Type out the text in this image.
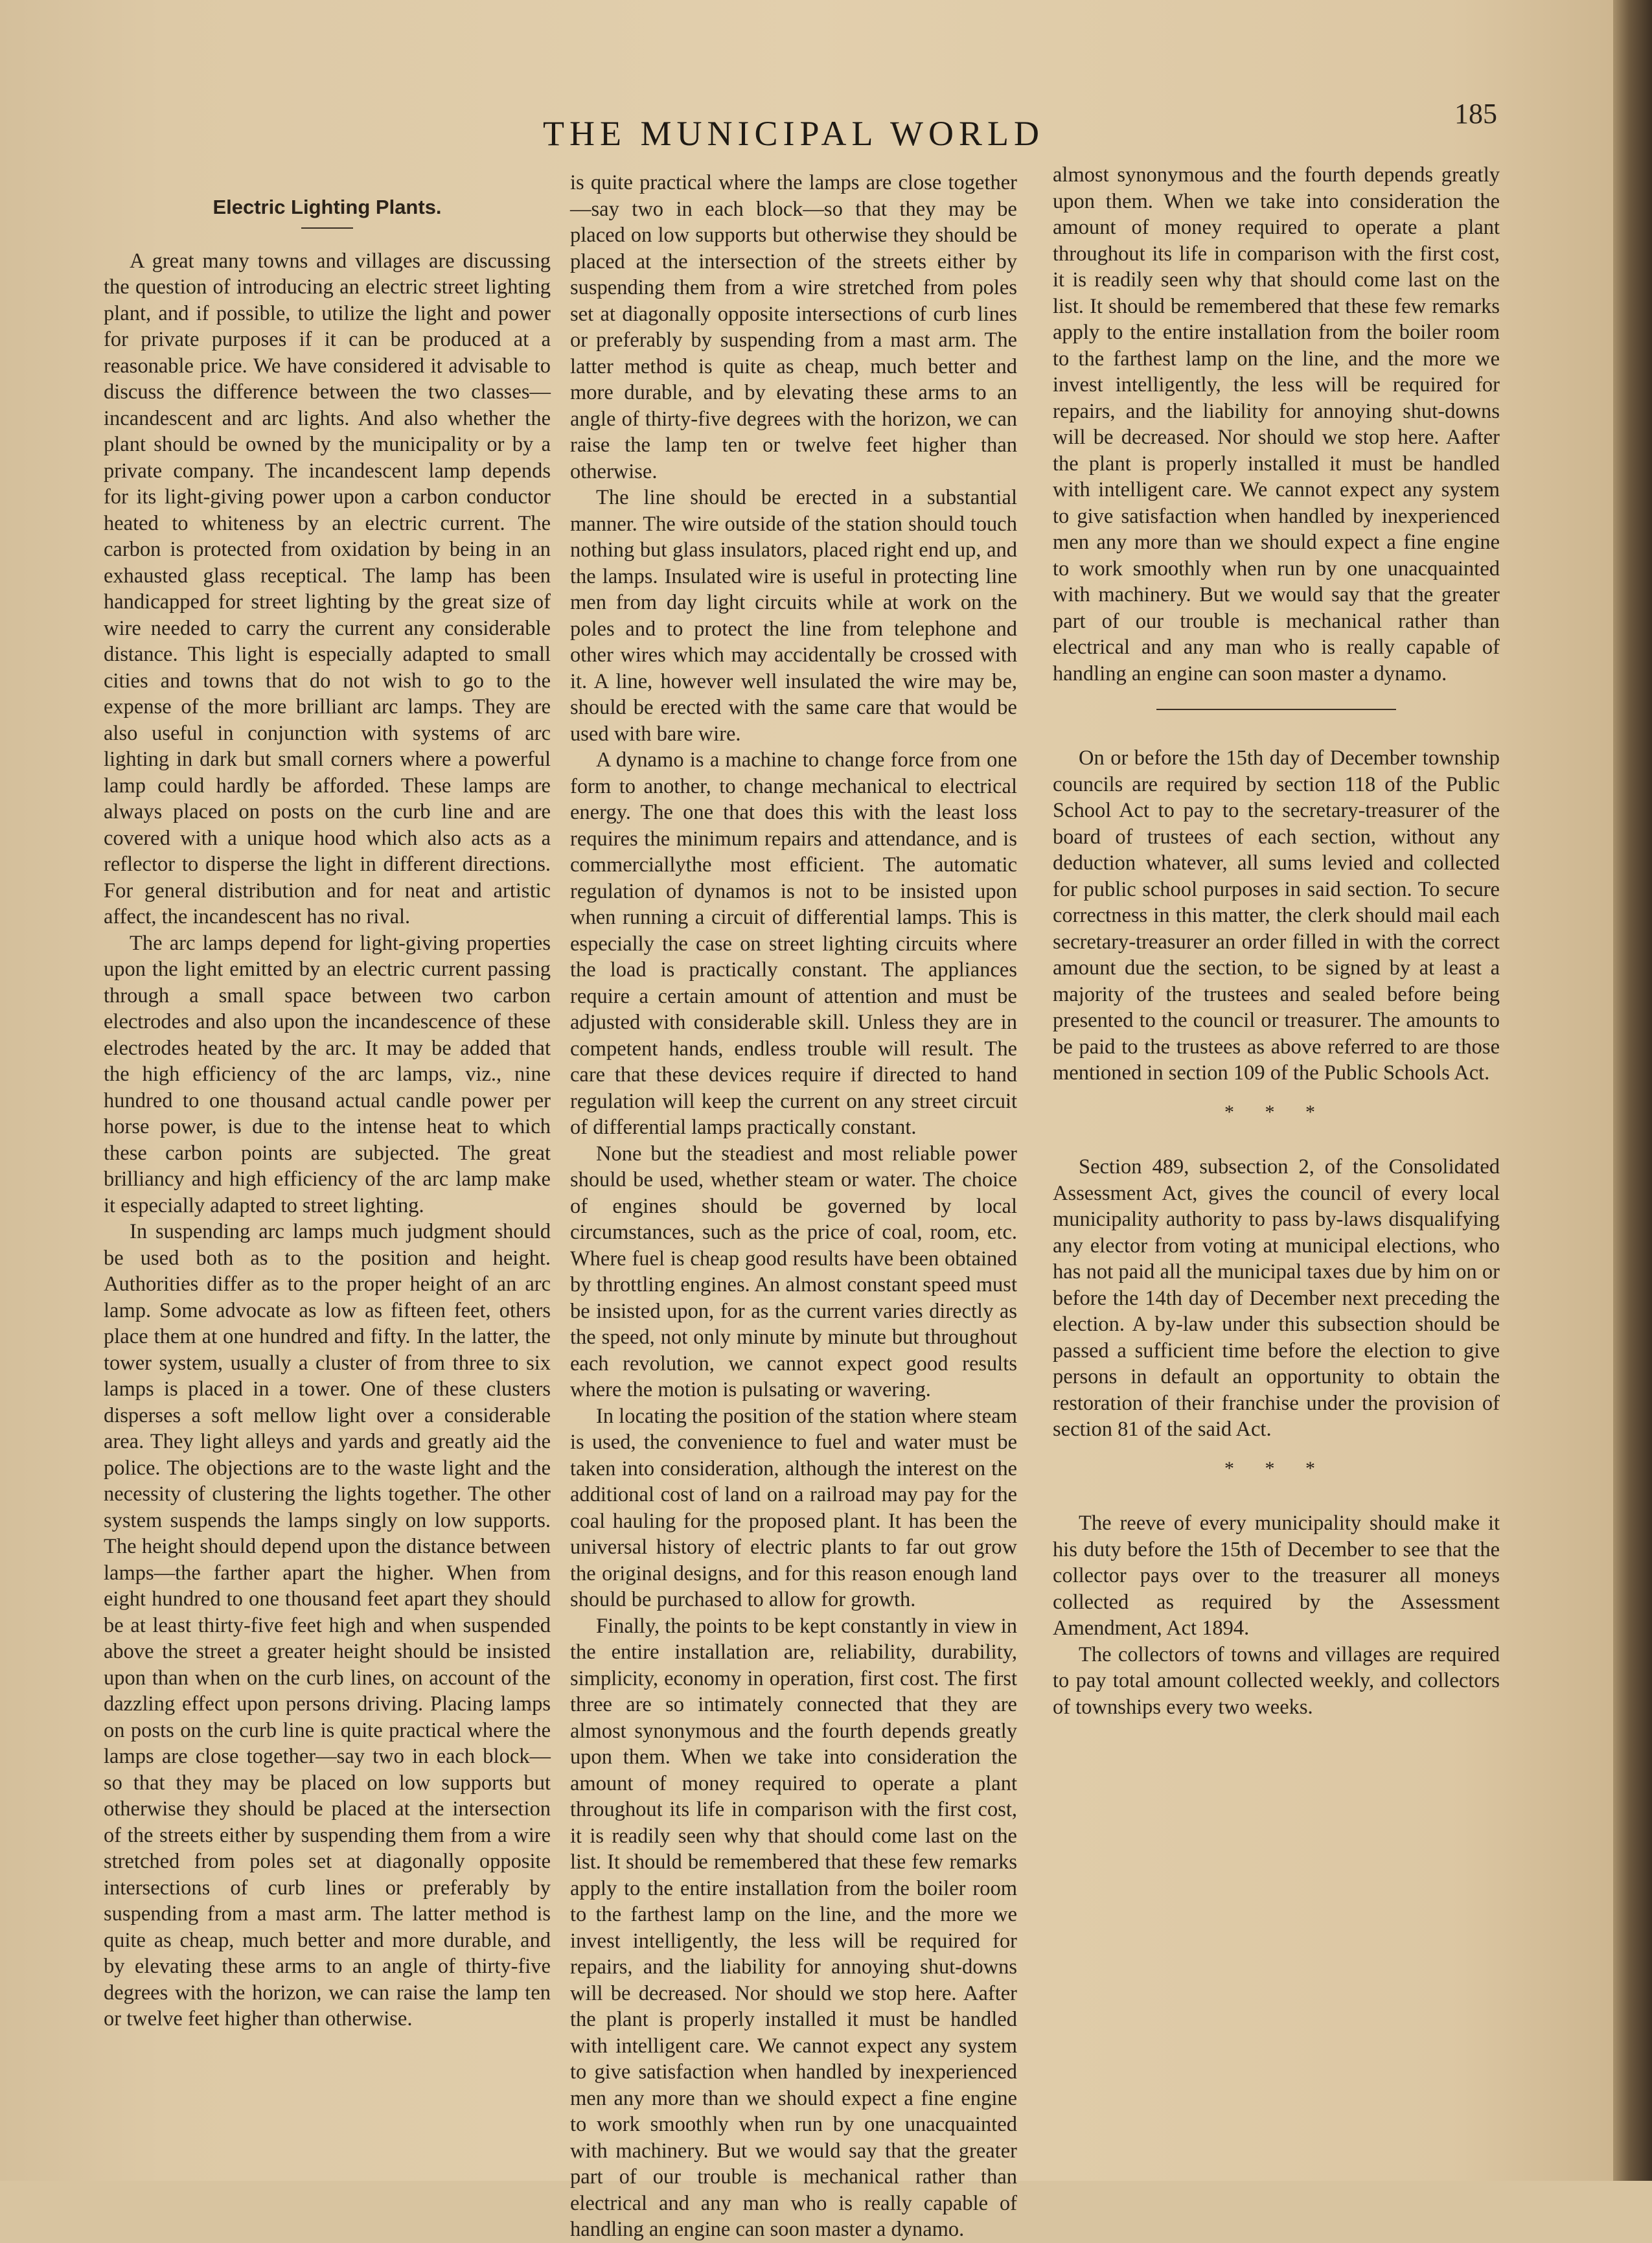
THE MUNICIPAL WORLD
185
Electric Lighting Plants.

A great many towns and villages are discussing the question of introducing an electric street lighting plant, and if possible, to utilize the light and power for private purposes if it can be produced at a reasonable price. We have considered it advisable to discuss the difference between the two classes—incandescent and arc lights. And also whether the plant should be owned by the municipality or by a private company. The incandescent lamp depends for its light-giving power upon a carbon conductor heated to whiteness by an electric current. The carbon is protected from oxidation by being in an exhausted glass receptical. The lamp has been handicapped for street lighting by the great size of wire needed to carry the current any considerable distance. This light is especially adapted to small cities and towns that do not wish to go to the expense of the more brilliant arc lamps. They are also useful in conjunction with systems of arc lighting in dark but small corners where a powerful lamp could hardly be afforded. These lamps are always placed on posts on the curb line and are covered with a unique hood which also acts as a reflector to disperse the light in different directions. For general distribution and for neat and artistic affect, the incandescent has no rival.

The arc lamps depend for light-giving properties upon the light emitted by an electric current passing through a small space between two carbon electrodes and also upon the incandescence of these electrodes heated by the arc. It may be added that the high efficiency of the arc lamps, viz., nine hundred to one thousand actual candle power per horse power, is due to the intense heat to which these carbon points are subjected. The great brilliancy and high efficiency of the arc lamp make it especially adapted to street lighting.

In suspending arc lamps much judgment should be used both as to the position and height. Authorities differ as to the proper height of an arc lamp. Some advocate as low as fifteen feet, others place them at one hundred and fifty. In the latter, the tower system, usually a cluster of from three to six lamps is placed in a tower. One of these clusters disperses a soft mellow light over a considerable area. They light alleys and yards and greatly aid the police. The objections are to the waste light and the necessity of clustering the lights together. The other system suspends the lamps singly on low supports. The height should depend upon the distance between lamps—the farther apart the higher. When from eight hundred to one thousand feet apart they should be at least thirty-five feet high and when suspended above the street a greater height should be insisted upon than when on the curb lines, on account of the dazzling effect upon persons driving. Placing lamps on posts on the curb line is quite practical where the lamps are close together—say two in each block—so that they may be placed on low supports but otherwise they should be placed at the intersection of the streets either by suspending them from a wire stretched from poles set at diagonally opposite intersections of curb lines or preferably by suspending from a mast arm. The latter method is quite as cheap, much better and more durable, and by elevating these arms to an angle of thirty-five degrees with the horizon, we can raise the lamp ten or twelve feet higher than otherwise.

is quite practical where the lamps are close together—say two in each block—so that they may be placed on low supports but otherwise they should be placed at the intersection of the streets either by suspending them from a wire stretched from poles set at diagonally opposite intersections of curb lines or preferably by suspending from a mast arm. The latter method is quite as cheap, much better and more durable, and by elevating these arms to an angle of thirty-five degrees with the horizon, we can raise the lamp ten or twelve feet higher than otherwise.

The line should be erected in a substantial manner. The wire outside of the station should touch nothing but glass insulators, placed right end up, and the lamps. Insulated wire is useful in protecting line men from day light circuits while at work on the poles and to protect the line from telephone and other wires which may accidentally be crossed with it. A line, however well insulated the wire may be, should be erected with the same care that would be used with bare wire.

A dynamo is a machine to change force from one form to another, to change mechanical to electrical energy. The one that does this with the least loss requires the minimum repairs and attendance, and is commerciallythe most efficient. The automatic regulation of dynamos is not to be insisted upon when running a circuit of differential lamps. This is especially the case on street lighting circuits where the load is practically constant. The appliances require a certain amount of attention and must be adjusted with considerable skill. Unless they are in competent hands, endless trouble will result. The care that these devices require if directed to hand regulation will keep the current on any street circuit of differential lamps practically constant.

None but the steadiest and most reliable power should be used, whether steam or water. The choice of engines should be governed by local circumstances, such as the price of coal, room, etc. Where fuel is cheap good results have been obtained by throttling engines. An almost constant speed must be insisted upon, for as the current varies directly as the speed, not only minute by minute but throughout each revolution, we cannot expect good results where the motion is pulsating or wavering.

In locating the position of the station where steam is used, the convenience to fuel and water must be taken into consideration, although the interest on the additional cost of land on a railroad may pay for the coal hauling for the proposed plant. It has been the universal history of electric plants to far out grow the original designs, and for this reason enough land should be purchased to allow for growth.

Finally, the points to be kept constantly in view in the entire installation are, reliability, durability, simplicity, economy in operation, first cost. The first three are so intimately connected that they are almost synonymous and the fourth depends greatly upon them. When we take into consideration the amount of money required to operate a plant throughout its life in comparison with the first cost, it is readily seen why that should come last on the list. It should be remembered that these few remarks apply to the entire installation from the boiler room to the farthest lamp on the line, and the more we invest intelligently, the less will be required for repairs, and the liability for annoying shut-downs will be decreased. Nor should we stop here. Aafter the plant is properly installed it must be handled with intelligent care. We cannot expect any system to give satisfaction when handled by inexperienced men any more than we should expect a fine engine to work smoothly when run by one unacquainted with machinery. But we would say that the greater part of our trouble is mechanical rather than electrical and any man who is really capable of handling an engine can soon master a dynamo.

almost synonymous and the fourth depends greatly upon them. When we take into consideration the amount of money required to operate a plant throughout its life in comparison with the first cost, it is readily seen why that should come last on the list. It should be remembered that these few remarks apply to the entire installation from the boiler room to the farthest lamp on the line, and the more we invest intelligently, the less will be required for repairs, and the liability for annoying shut-downs will be decreased. Nor should we stop here. Aafter the plant is properly installed it must be handled with intelligent care. We cannot expect any system to give satisfaction when handled by inexperienced men any more than we should expect a fine engine to work smoothly when run by one unacquainted with machinery. But we would say that the greater part of our trouble is mechanical rather than electrical and any man who is really capable of handling an engine can soon master a dynamo.

On or before the 15th day of December township councils are required by section 118 of the Public School Act to pay to the secretary-treasurer of the board of trustees of each section, without any deduction whatever, all sums levied and collected for public school purposes in said section. To secure correctness in this matter, the clerk should mail each secretary-treasurer an order filled in with the correct amount due the section, to be signed by at least a majority of the trustees and sealed before being presented to the council or treasurer. The amounts to be paid to the trustees as above referred to are those mentioned in section 109 of the Public Schools Act.

* * *

Section 489, subsection 2, of the Consolidated Assessment Act, gives the council of every local municipality authority to pass by-laws disqualifying any elector from voting at municipal elections, who has not paid all the municipal taxes due by him on or before the 14th day of December next preceding the election. A by-law under this subsection should be passed a sufficient time before the election to give persons in default an opportunity to obtain the restoration of their franchise under the provision of section 81 of the said Act.

* * *

The reeve of every municipality should make it his duty before the 15th of December to see that the collector pays over to the treasurer all moneys collected as required by the Assessment Amendment, Act 1894.

The collectors of towns and villages are required to pay total amount collected weekly, and collectors of townships every two weeks.
